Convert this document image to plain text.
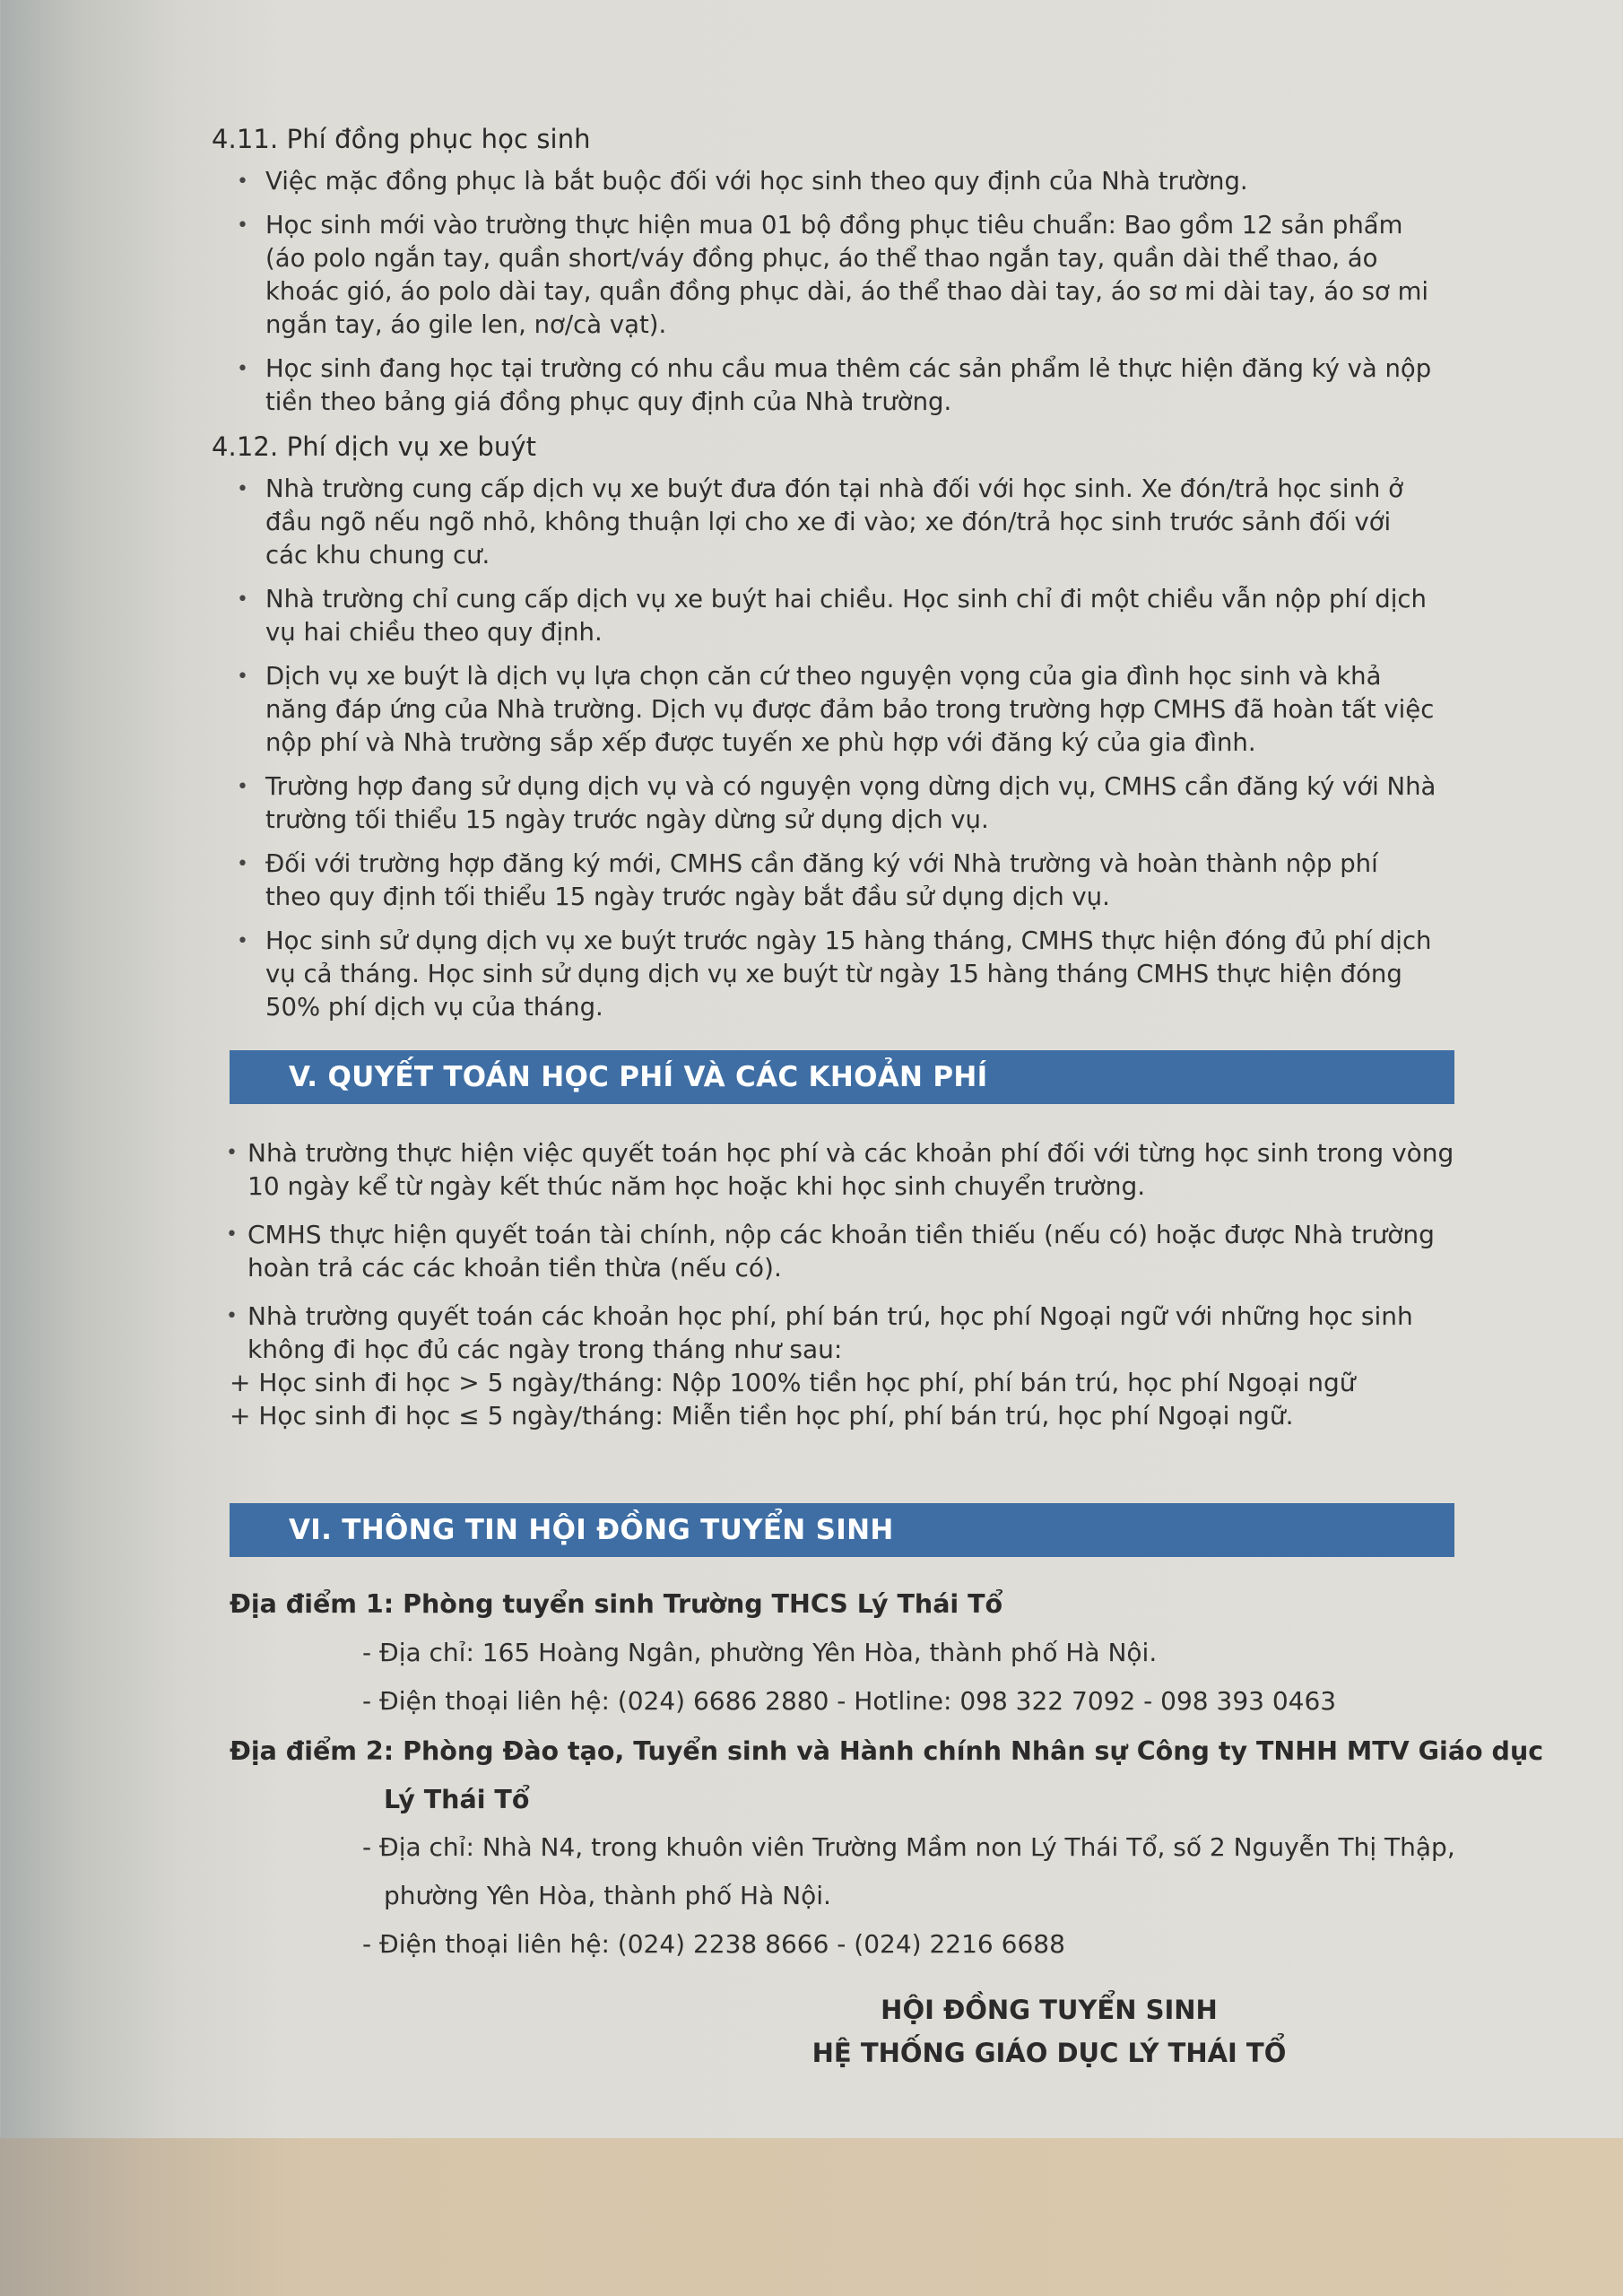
4.11. Phí đồng phục học sinh
• Việc mặc đồng phục là bắt buộc đối với học sinh theo quy định của Nhà trường.
• Học sinh mới vào trường thực hiện mua 01 bộ đồng phục tiêu chuẩn: Bao gồm 12 sản phẩm (áo polo ngắn tay, quần short/váy đồng phục, áo thể thao ngắn tay, quần dài thể thao, áo khoác gió, áo polo dài tay, quần đồng phục dài, áo thể thao dài tay, áo sơ mi dài tay, áo sơ mi ngắn tay, áo gile len, nơ/cà vạt).
• Học sinh đang học tại trường có nhu cầu mua thêm các sản phẩm lẻ thực hiện đăng ký và nộp tiền theo bảng giá đồng phục quy định của Nhà trường.
4.12. Phí dịch vụ xe buýt
• Nhà trường cung cấp dịch vụ xe buýt đưa đón tại nhà đối với học sinh. Xe đón/trả học sinh ở đầu ngõ nếu ngõ nhỏ, không thuận lợi cho xe đi vào; xe đón/trả học sinh trước sảnh đối với các khu chung cư.
• Nhà trường chỉ cung cấp dịch vụ xe buýt hai chiều. Học sinh chỉ đi một chiều vẫn nộp phí dịch vụ hai chiều theo quy định.
• Dịch vụ xe buýt là dịch vụ lựa chọn căn cứ theo nguyện vọng của gia đình học sinh và khả năng đáp ứng của Nhà trường. Dịch vụ được đảm bảo trong trường hợp CMHS đã hoàn tất việc nộp phí và Nhà trường sắp xếp được tuyến xe phù hợp với đăng ký của gia đình.
• Trường hợp đang sử dụng dịch vụ và có nguyện vọng dừng dịch vụ, CMHS cần đăng ký với Nhà trường tối thiểu 15 ngày trước ngày dừng sử dụng dịch vụ.
• Đối với trường hợp đăng ký mới, CMHS cần đăng ký với Nhà trường và hoàn thành nộp phí theo quy định tối thiểu 15 ngày trước ngày bắt đầu sử dụng dịch vụ.
• Học sinh sử dụng dịch vụ xe buýt trước ngày 15 hàng tháng, CMHS thực hiện đóng đủ phí dịch vụ cả tháng. Học sinh sử dụng dịch vụ xe buýt từ ngày 15 hàng tháng CMHS thực hiện đóng 50% phí dịch vụ của tháng.
V. QUYẾT TOÁN HỌC PHÍ VÀ CÁC KHOẢN PHÍ
• Nhà trường thực hiện việc quyết toán học phí và các khoản phí đối với từng học sinh trong vòng 10 ngày kể từ ngày kết thúc năm học hoặc khi học sinh chuyển trường.
• CMHS thực hiện quyết toán tài chính, nộp các khoản tiền thiếu (nếu có) hoặc được Nhà trường hoàn trả các các khoản tiền thừa (nếu có).
• Nhà trường quyết toán các khoản học phí, phí bán trú, học phí Ngoại ngữ với những học sinh không đi học đủ các ngày trong tháng như sau:
+ Học sinh đi học > 5 ngày/tháng: Nộp 100% tiền học phí, phí bán trú, học phí Ngoại ngữ
+ Học sinh đi học ≤ 5 ngày/tháng: Miễn tiền học phí, phí bán trú, học phí Ngoại ngữ.
VI. THÔNG TIN HỘI ĐỒNG TUYỂN SINH
Địa điểm 1: Phòng tuyển sinh Trường THCS Lý Thái Tổ
- Địa chỉ: 165 Hoàng Ngân, phường Yên Hòa, thành phố Hà Nội.
- Điện thoại liên hệ: (024) 6686 2880 - Hotline: 098 322 7092 - 098 393 0463
Địa điểm 2: Phòng Đào tạo, Tuyển sinh và Hành chính Nhân sự Công ty TNHH MTV Giáo dục
Lý Thái Tổ
- Địa chỉ: Nhà N4, trong khuôn viên Trường Mầm non Lý Thái Tổ, số 2 Nguyễn Thị Thập,
phường Yên Hòa, thành phố Hà Nội.
- Điện thoại liên hệ: (024) 2238 8666 - (024) 2216 6688
HỘI ĐỒNG TUYỂN SINH
HỆ THỐNG GIÁO DỤC LÝ THÁI TỔ
